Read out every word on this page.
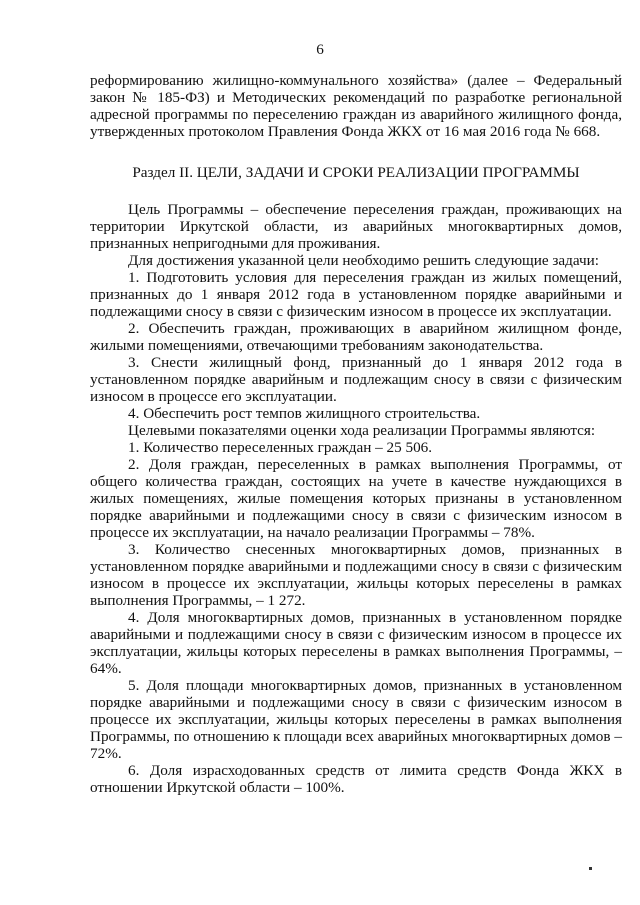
6

реформированию жилищно-коммунального хозяйства» (далее – Федеральный закон № 185-ФЗ) и Методических рекомендаций по разработке региональной адресной программы по переселению граждан из аварийного жилищного фонда, утвержденных протоколом Правления Фонда ЖКХ от 16 мая 2016 года № 668.

Раздел II. ЦЕЛИ, ЗАДАЧИ И СРОКИ РЕАЛИЗАЦИИ ПРОГРАММЫ

Цель Программы – обеспечение переселения граждан, проживающих на территории Иркутской области, из аварийных многоквартирных домов, признанных непригодными для проживания.

Для достижения указанной цели необходимо решить следующие задачи:

1. Подготовить условия для переселения граждан из жилых помещений, признанных до 1 января 2012 года в установленном порядке аварийными и подлежащими сносу в связи с физическим износом в процессе их эксплуатации.

2. Обеспечить граждан, проживающих в аварийном жилищном фонде, жилыми помещениями, отвечающими требованиям законодательства.

3. Снести жилищный фонд, признанный до 1 января 2012 года в установленном порядке аварийным и подлежащим сносу в связи с физическим износом в процессе его эксплуатации.

4. Обеспечить рост темпов жилищного строительства.

Целевыми показателями оценки хода реализации Программы являются:

1. Количество переселенных граждан – 25 506.

2. Доля граждан, переселенных в рамках выполнения Программы, от общего количества граждан, состоящих на учете в качестве нуждающихся в жилых помещениях, жилые помещения которых признаны в установленном порядке аварийными и подлежащими сносу в связи с физическим износом в процессе их эксплуатации, на начало реализации Программы – 78%.

3. Количество снесенных многоквартирных домов, признанных в установленном порядке аварийными и подлежащими сносу в связи с физическим износом в процессе их эксплуатации, жильцы которых переселены в рамках выполнения Программы, – 1 272.

4. Доля многоквартирных домов, признанных в установленном порядке аварийными и подлежащими сносу в связи с физическим износом в процессе их эксплуатации, жильцы которых переселены в рамках выполнения Программы, – 64%.

5. Доля площади многоквартирных домов, признанных в установленном порядке аварийными и подлежащими сносу в связи с физическим износом в процессе их эксплуатации, жильцы которых переселены в рамках выполнения Программы, по отношению к площади всех аварийных многоквартирных домов – 72%.

6. Доля израсходованных средств от лимита средств Фонда ЖКХ в отношении Иркутской области – 100%.
